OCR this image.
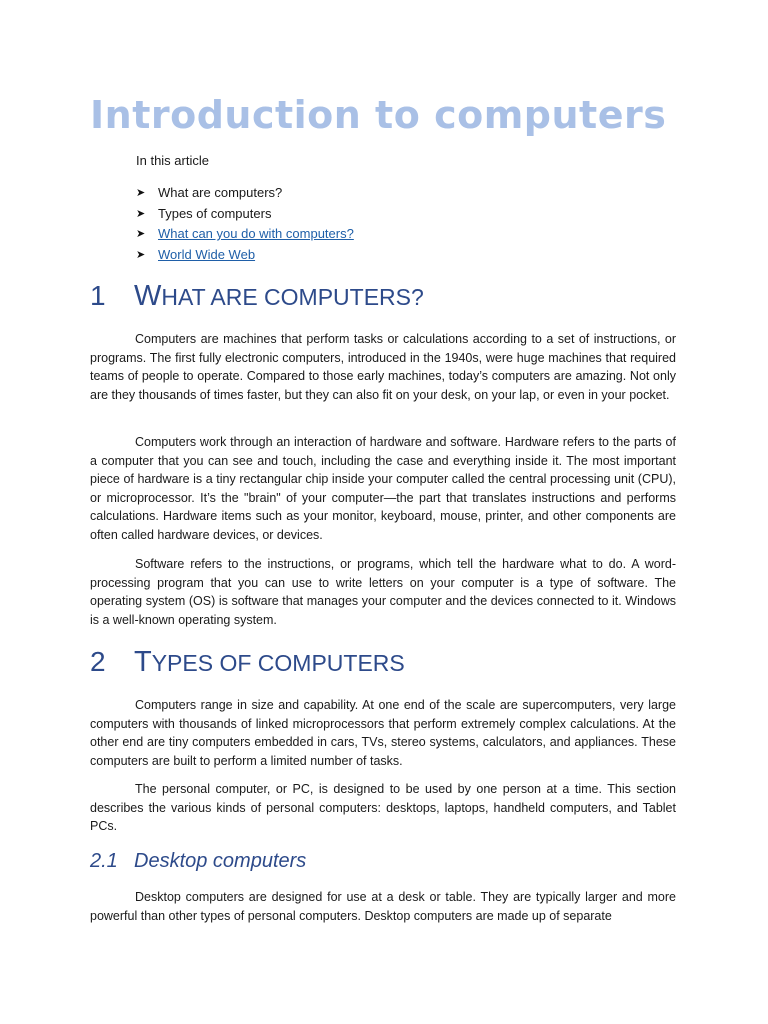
Introduction to computers
In this article
➤ What are computers?
➤ Types of computers
➤ What can you do with computers?
➤ World Wide Web
1 WHAT ARE COMPUTERS?

Computers are machines that perform tasks or calculations according to a set of instructions, or programs. The first fully electronic computers, introduced in the 1940s, were huge machines that required teams of people to operate. Compared to those early machines, today’s computers are amazing. Not only are they thousands of times faster, but they can also fit on your desk, on your lap, or even in your pocket.

Computers work through an interaction of hardware and software. Hardware refers to the parts of a computer that you can see and touch, including the case and everything inside it. The most important piece of hardware is a tiny rectangular chip inside your computer called the central processing unit (CPU), or microprocessor. It’s the "brain" of your computer—the part that translates instructions and performs calculations. Hardware items such as your monitor, keyboard, mouse, printer, and other components are often called hardware devices, or devices.

Software refers to the instructions, or programs, which tell the hardware what to do. A word-processing program that you can use to write letters on your computer is a type of software. The operating system (OS) is software that manages your computer and the devices connected to it. Windows is a well-known operating system.

2 TYPES OF COMPUTERS

Computers range in size and capability. At one end of the scale are supercomputers, very large computers with thousands of linked microprocessors that perform extremely complex calculations. At the other end are tiny computers embedded in cars, TVs, stereo systems, calculators, and appliances. These computers are built to perform a limited number of tasks.

The personal computer, or PC, is designed to be used by one person at a time. This section describes the various kinds of personal computers: desktops, laptops, handheld computers, and Tablet PCs.

2.1 Desktop computers

Desktop computers are designed for use at a desk or table. They are typically larger and more powerful than other types of personal computers. Desktop computers are made up of separate
